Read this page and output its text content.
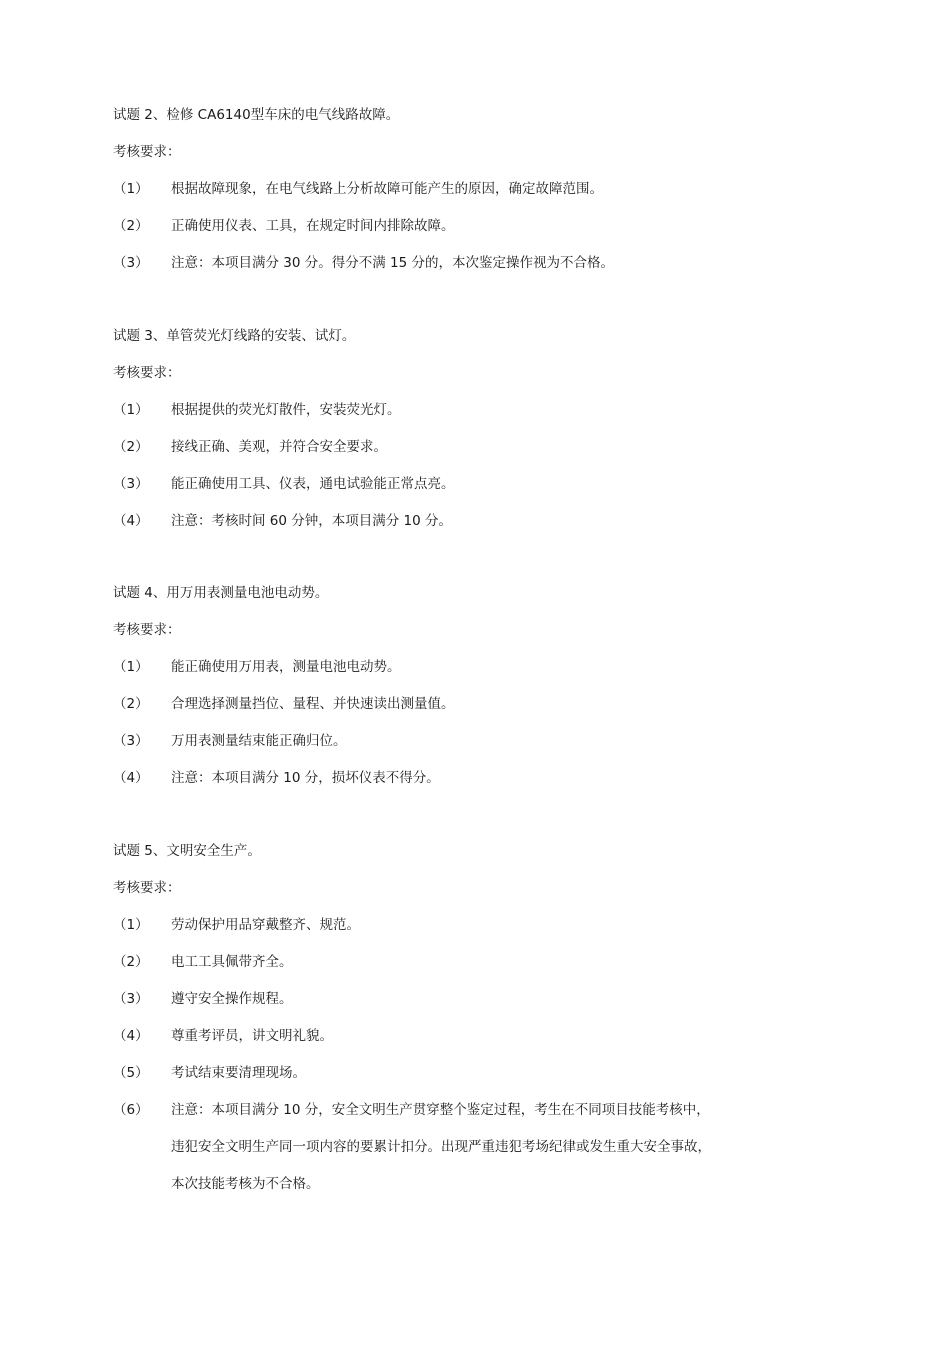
试题 2、检修 CA6140型车床的电气线路故障。
考核要求：
（1）	根据故障现象，在电气线路上分析故障可能产生的原因，确定故障范围。
（2）	正确使用仪表、工具，在规定时间内排除故障。
（3）	注意：本项目满分 30 分。得分不满 15 分的，本次鉴定操作视为不合格。
试题 3、单管荧光灯线路的安装、试灯。
考核要求：
（1）	根据提供的荧光灯散件，安装荧光灯。
（2）	接线正确、美观，并符合安全要求。
（3）	能正确使用工具、仪表，通电试验能正常点亮。
（4）	注意：考核时间 60 分钟，本项目满分 10 分。
试题 4、用万用表测量电池电动势。
考核要求：
（1）	能正确使用万用表，测量电池电动势。
（2）	合理选择测量挡位、量程、并快速读出测量值。
（3）	万用表测量结束能正确归位。
（4）	注意：本项目满分 10 分，损坏仪表不得分。
试题 5、文明安全生产。
考核要求：
（1）	劳动保护用品穿戴整齐、规范。
（2）	电工工具佩带齐全。
（3）	遵守安全操作规程。
（4）	尊重考评员，讲文明礼貌。
（5）	考试结束要清理现场。
（6）	注意：本项目满分 10 分，安全文明生产贯穿整个鉴定过程，考生在不同项目技能考核中，
违犯安全文明生产同一项内容的要累计扣分。出现严重违犯考场纪律或发生重大安全事故，
本次技能考核为不合格。
